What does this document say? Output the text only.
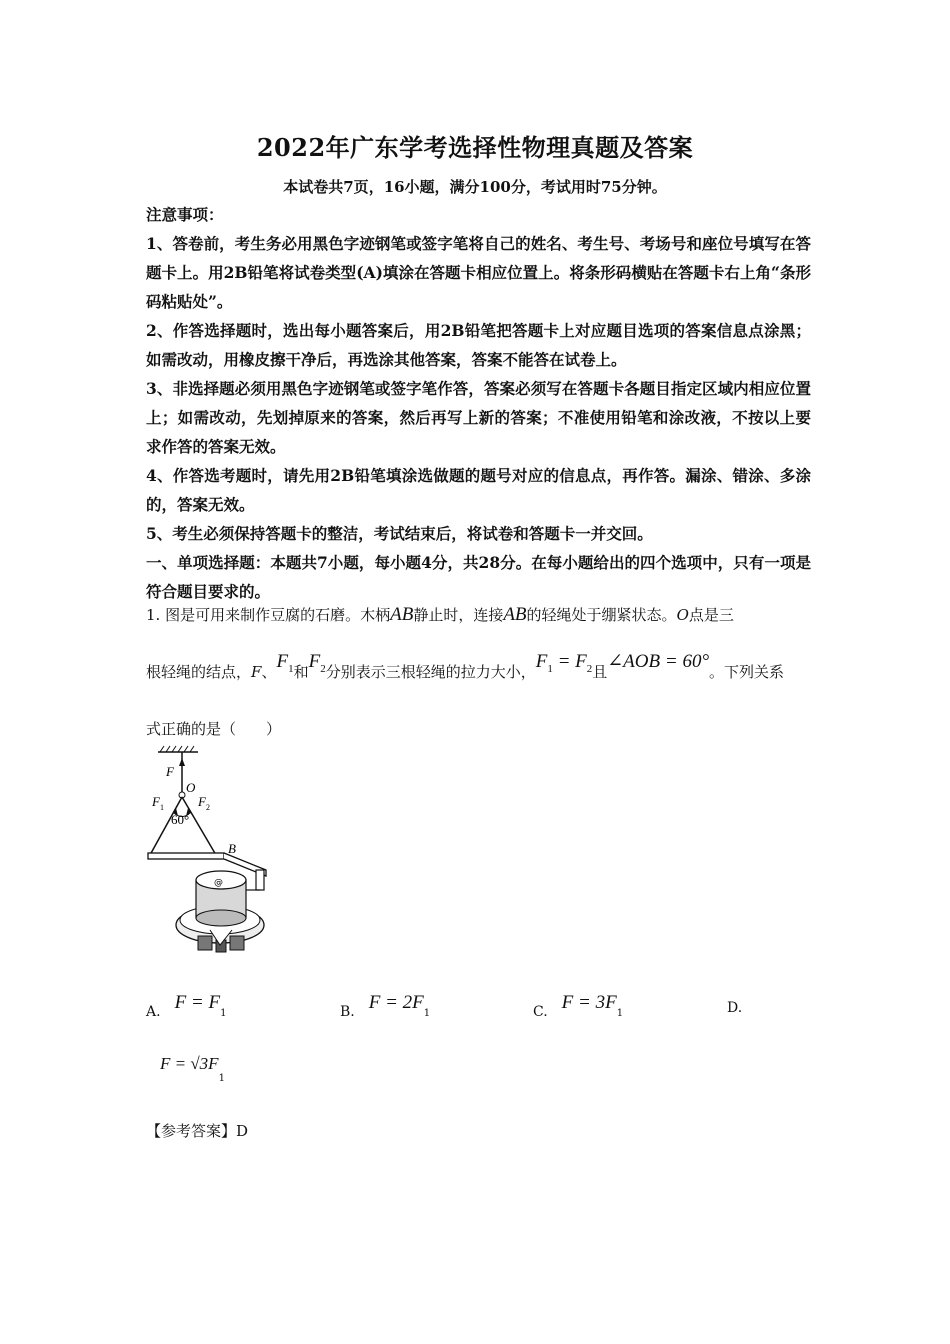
2022年广东学考选择性物理真题及答案
本试卷共7页，16小题，满分100分，考试用时75分钟。
注意事项：
1、答卷前，考生务必用黑色字迹钢笔或签字笔将自己的姓名、考生号、考场号和座位号填写在答题卡上。用2B铅笔将试卷类型(A)填涂在答题卡相应位置上。将条形码横贴在答题卡右上角“条形码粘贴处”。
2、作答选择题时，选出每小题答案后，用2B铅笔把答题卡上对应题目选项的答案信息点涂黑；如需改动，用橡皮擦干净后，再选涂其他答案，答案不能答在试卷上。
3、非选择题必须用黑色字迹钢笔或签字笔作答，答案必须写在答题卡各题目指定区域内相应位置上；如需改动，先划掉原来的答案，然后再写上新的答案；不准使用铅笔和涂改液，不按以上要求作答的答案无效。
4、作答选考题时，请先用2B铅笔填涂选做题的题号对应的信息点，再作答。漏涂、错涂、多涂的，答案无效。
5、考生必须保持答题卡的整洁，考试结束后，将试卷和答题卡一并交回。
一、单项选择题：本题共7小题，每小题4分，共28分。在每小题给出的四个选项中，只有一项是符合题目要求的。
1. 图是可用来制作豆腐的石磨。木柄AB静止时，连接AB的轻绳处于绷紧状态。O点是三
根轻绳的结点，F、$F_1$和$F_2$分别表示三根轻绳的拉力大小，$F_1 = F_2$且∠AOB = 60°。下列关系
式正确的是（　　）
F
O
F 1	F 2
60°
B
@
A. $F = F_1$	B. $F = 2F_1$	C. $F = 3F_1$	D.
$F = √3F_1$
【参考答案】D
